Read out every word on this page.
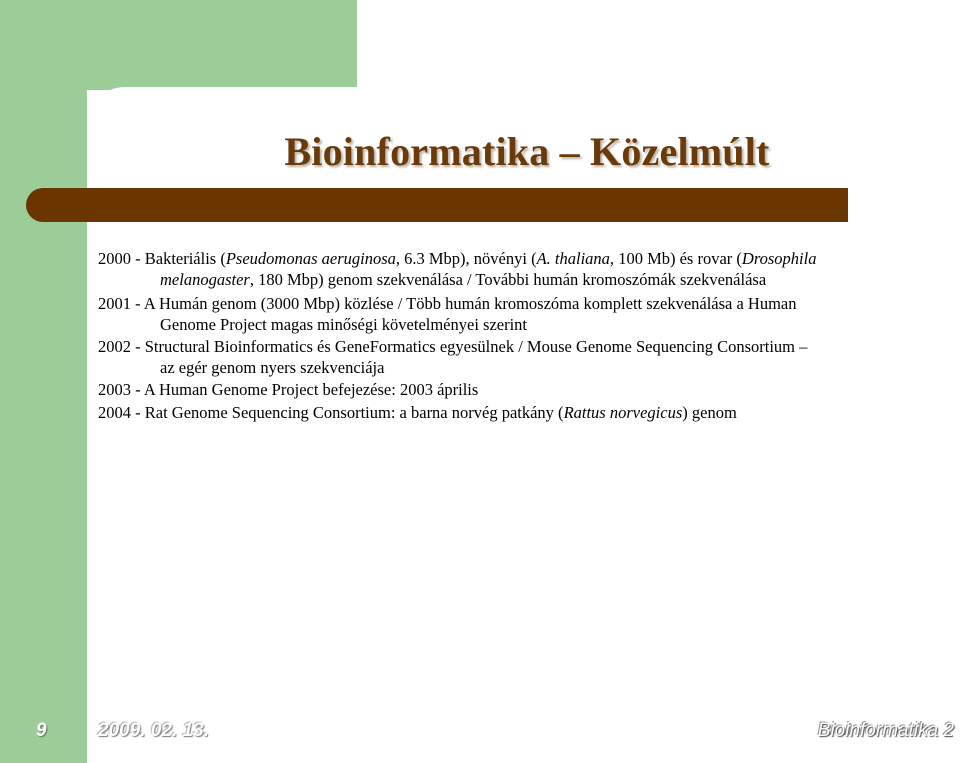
Bioinformatika – Közelmúlt
2000 - Bakteriális (Pseudomonas aeruginosa, 6.3 Mbp), növényi (A. thaliana, 100 Mb) és rovar (Drosophila
melanogaster, 180 Mbp) genom szekvenálása / További humán kromoszómák szekvenálása
2001 - A Humán genom (3000 Mbp) közlése / Több humán kromoszóma komplett szekvenálása a Human
Genome Project magas minőségi követelményei szerint
2002 - Structural Bioinformatics és GeneFormatics egyesülnek / Mouse Genome Sequencing Consortium –
az egér genom nyers szekvenciája
2003 - A Human Genome Project befejezése: 2003 április
2004 - Rat Genome Sequencing Consortium: a barna norvég patkány (Rattus norvegicus) genom
9	2009. 02. 13.	Bioinformatika 2
